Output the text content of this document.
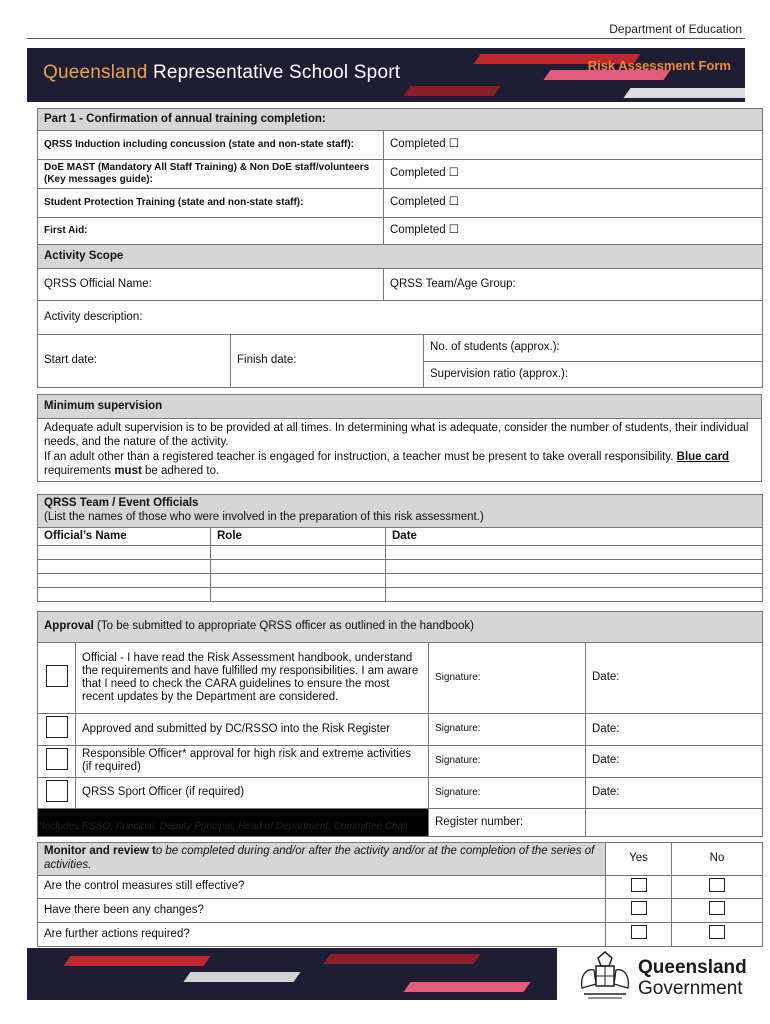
Department of Education
Queensland Representative School Sport	Risk Assessment Form
Part 1 - Confirmation of annual training completion:	
QRSS Induction including concussion (state and non-state staff):	Completed ☐
DoE MAST (Mandatory All Staff Training) & Non DoE staff/volunteers (Key messages guide):	Completed ☐
Student Protection Training (state and non-state staff):	Completed ☐
First Aid:	Completed ☐
Activity Scope	
QRSS Official Name:	QRSS Team/Age Group:
Activity description:	
Start date:	Finish date:	No. of students (approx.):
Supervision ratio (approx.):
Minimum supervision
Adequate adult supervision is to be provided at all times. In determining what is adequate, consider the number of students, their individual needs, and the nature of the activity.
If an adult other than a registered teacher is engaged for instruction, a teacher must be present to take overall responsibility. Blue card requirements must be adhered to.
QRSS Team / Event Officials
(List the names of those who were involved in the preparation of this risk assessment.)		
Official’s Name	Role	Date

Approval (To be submitted to appropriate QRSS officer as outlined in the handbook)			
	Official - I have read the Risk Assessment handbook, understand the requirements and have fulfilled my responsibilities. I am aware that I need to check the CARA guidelines to ensure the most recent updates by the Department are considered.	Signature:	Date:
	Approved and submitted by DC/RSSO into the Risk Register	Signature:	Date:
	Responsible Officer* approval for high risk and extreme activities (if required)	Signature:	Date:
	QRSS Sport Officer (if required)	Signature:	Date:
		Register number:	
*Includes RSSO, Principal, Deputy Principal, Head of Department, Committee Chair
Monitor and review to be completed during and/or after the activity and/or at the completion of the series of activities.	Yes	No
Are the control measures still effective?		
Have there been any changes?		
Are further actions required?		
Queensland
Government
